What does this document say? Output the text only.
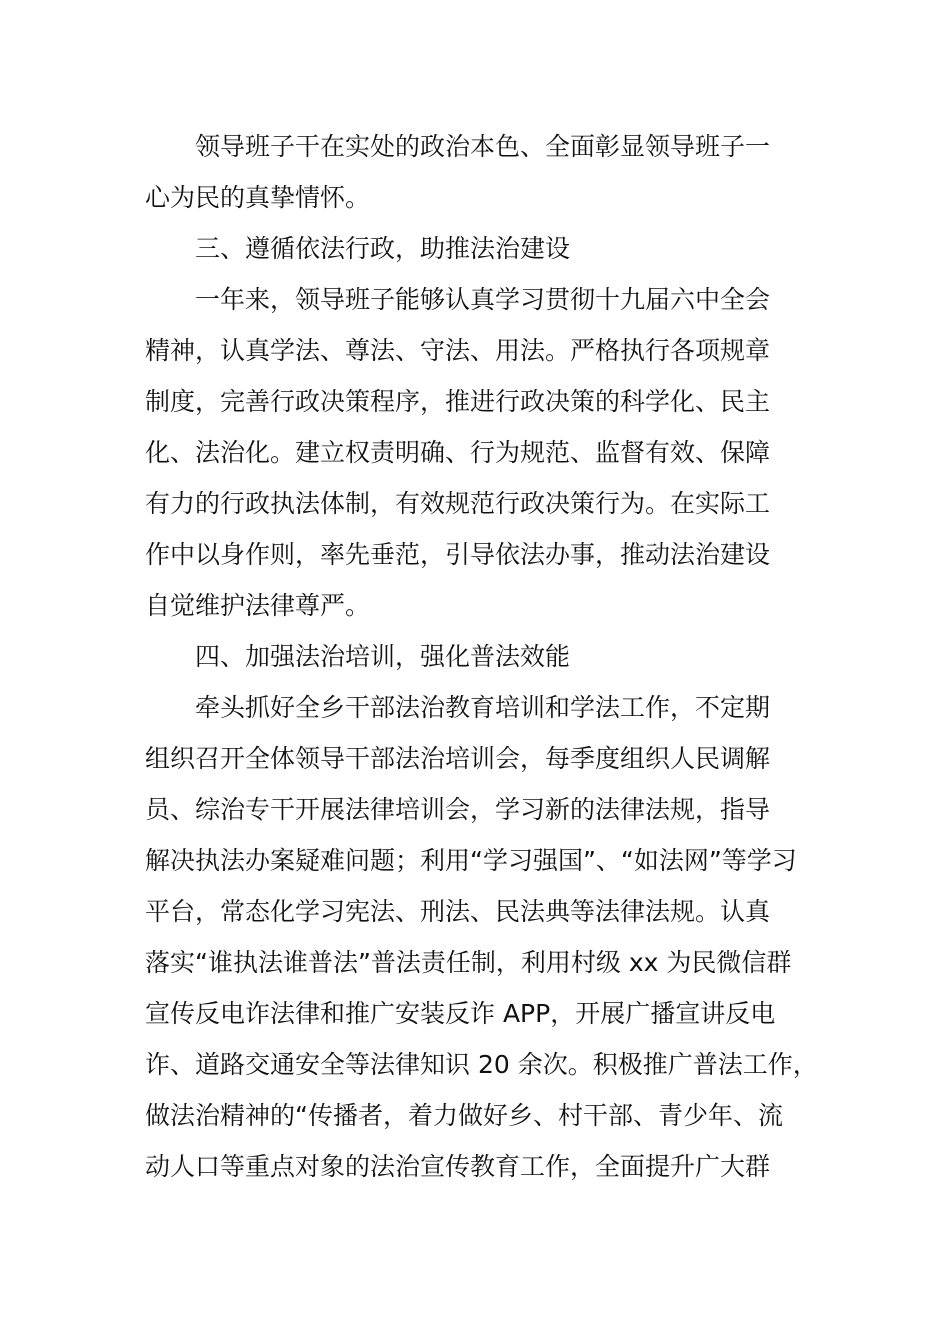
领导班子干在实处的政治本色、全面彰显领导班子一
心为民的真挚情怀。
三、遵循依法行政，助推法治建设
一年来，领导班子能够认真学习贯彻十九届六中全会
精神，认真学法、尊法、守法、用法。严格执行各项规章
制度，完善行政决策程序，推进行政决策的科学化、民主
化、法治化。建立权责明确、行为规范、监督有效、保障
有力的行政执法体制，有效规范行政决策行为。在实际工
作中以身作则，率先垂范，引导依法办事，推动法治建设
自觉维护法律尊严。
四、加强法治培训，强化普法效能
牵头抓好全乡干部法治教育培训和学法工作，不定期
组织召开全体领导干部法治培训会，每季度组织人民调解
员、综治专干开展法律培训会，学习新的法律法规，指导
解决执法办案疑难问题；利用“学习强国”、“如法网”等学习
平台，常态化学习宪法、刑法、民法典等法律法规。认真
落实“谁执法谁普法”普法责任制，利用村级 xx 为民微信群
宣传反电诈法律和推广安装反诈 APP，开展广播宣讲反电
诈、道路交通安全等法律知识 20 余次。积极推广普法工作，
做法治精神的“传播者，着力做好乡、村干部、青少年、流
动人口等重点对象的法治宣传教育工作，全面提升广大群
